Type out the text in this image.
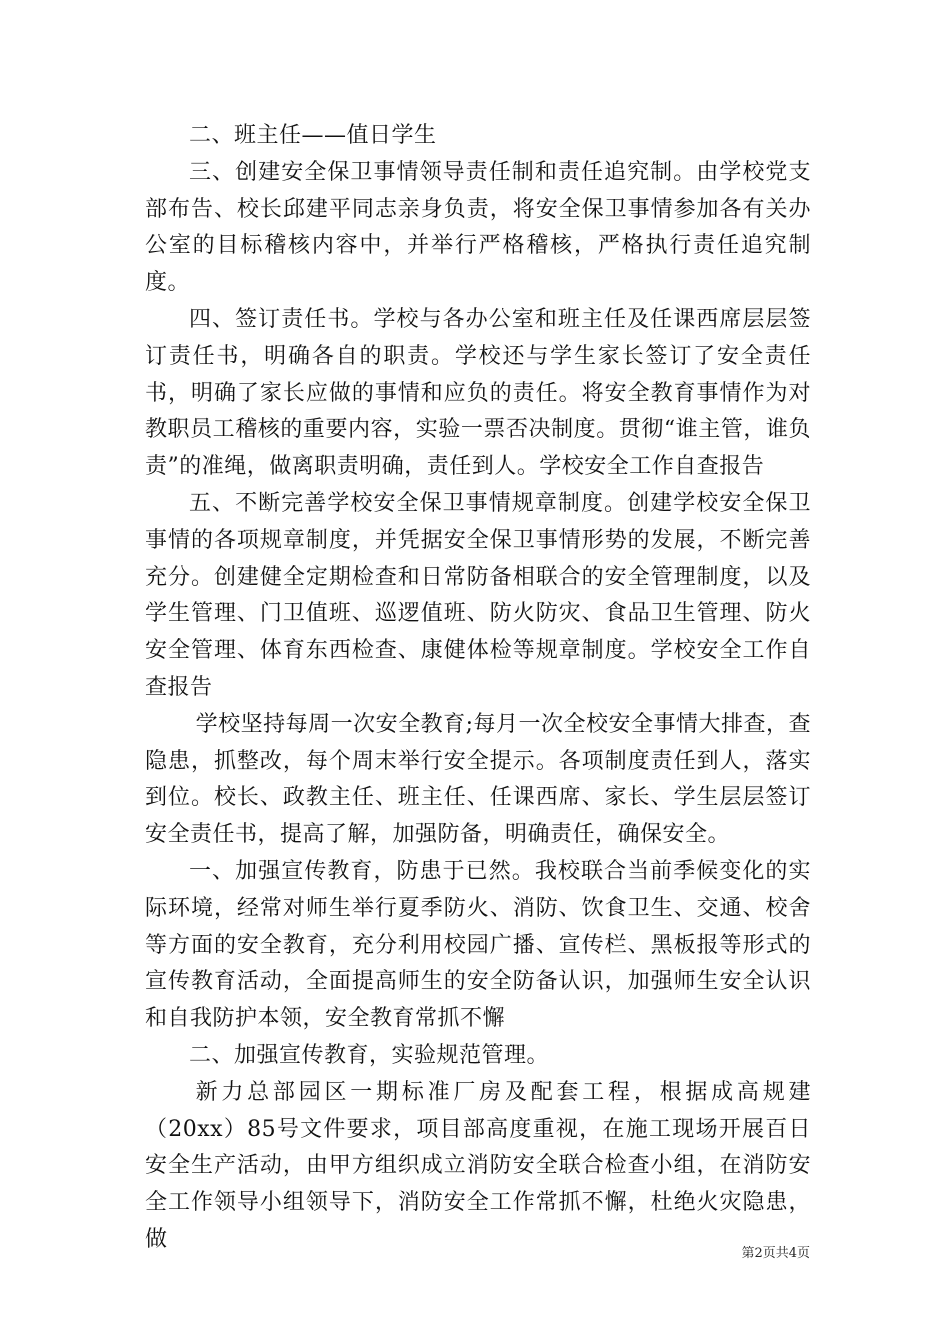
二、班主任——值日学生

三、创建安全保卫事情领导责任制和责任追究制。由学校党支部布告、校长邱建平同志亲身负责，将安全保卫事情参加各有关办公室的目标稽核内容中，并举行严格稽核，严格执行责任追究制度。

四、签订责任书。学校与各办公室和班主任及任课西席层层签订责任书，明确各自的职责。学校还与学生家长签订了安全责任书，明确了家长应做的事情和应负的责任。将安全教育事情作为对教职员工稽核的重要内容，实验一票否决制度。贯彻“谁主管，谁负责”的准绳，做离职责明确，责任到人。学校安全工作自查报告

五、不断完善学校安全保卫事情规章制度。创建学校安全保卫事情的各项规章制度，并凭据安全保卫事情形势的发展，不断完善充分。创建健全定期检查和日常防备相联合的安全管理制度，以及学生管理、门卫值班、巡逻值班、防火防灾、食品卫生管理、防火安全管理、体育东西检查、康健体检等规章制度。学校安全工作自查报告

学校坚持每周一次安全教育;每月一次全校安全事情大排查，查隐患，抓整改，每个周末举行安全提示。各项制度责任到人，落实到位。校长、政教主任、班主任、任课西席、家长、学生层层签订安全责任书，提高了解，加强防备，明确责任，确保安全。

一、加强宣传教育，防患于已然。我校联合当前季候变化的实际环境，经常对师生举行夏季防火、消防、饮食卫生、交通、校舍等方面的安全教育，充分利用校园广播、宣传栏、黑板报等形式的宣传教育活动，全面提高师生的安全防备认识，加强师生安全认识和自我防护本领，安全教育常抓不懈

二、加强宣传教育，实验规范管理。

新力总部园区一期标准厂房及配套工程，根据成高规建（20xx）85号文件要求，项目部高度重视，在施工现场开展百日安全生产活动，由甲方组织成立消防安全联合检查小组，在消防安全工作领导小组领导下，消防安全工作常抓不懈，杜绝火灾隐患，做

第2页共4页
